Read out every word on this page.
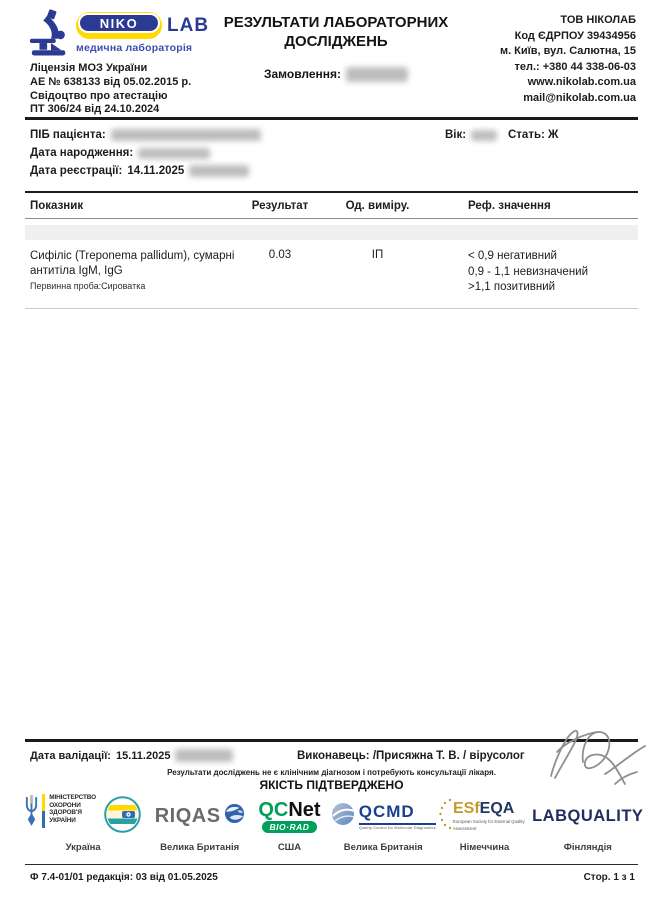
NIKO	LAB
медична лабораторія
Ліцензія МОЗ України
АЕ № 638133 від 05.02.2015 р.
Свідоцтво про атестацію
ПТ 306/24 від 24.10.2024
РЕЗУЛЬТАТИ ЛАБОРАТОРНИХ ДОСЛІДЖЕНЬ
Замовлення:
ТОВ НІКОЛАБ
Код ЄДРПОУ 39434956
м. Київ, вул. Салютна, 15
тел.: +380 44 338-06-03
www.nikolab.com.ua
mail@nikolab.com.ua
ПІБ пацієнта:	Вік:	Стать: Ж
Дата народження:
Дата реєстрації: 14.11.2025
Показник	Результат	Од. виміру.	Реф. значення
Сифіліс (Treponema pallidum), сумарні антитіла IgM, IgG
Первинна проба:Сироватка
0.03	ІП	< 0,9 негативний
0,9 - 1,1 невизначений
>1,1 позитивний
Дата валідації: 15.11.2025	Виконавець: /Присяжна Т. В. / вірусолог
Результати досліджень не є клінічним діагнозом і потребують консультації лікаря.
ЯКІСТЬ ПІДТВЕРДЖЕНО
МІНІСТЕРСТВО
ОХОРОНИ
ЗДОРОВ'Я
УКРАЇНИ
Україна
RIQAS
Велика Британія
QCNet
BIO·RAD
США
QCMD
Quality Control for Molecular Diagnostics
Велика Британія
ESfEQA
European Society for External Quality Assessment
Німеччина
LABQUALITY
Фінляндія
Ф 7.4-01/01 редакція: 03 від 01.05.2025	Стор. 1 з 1
